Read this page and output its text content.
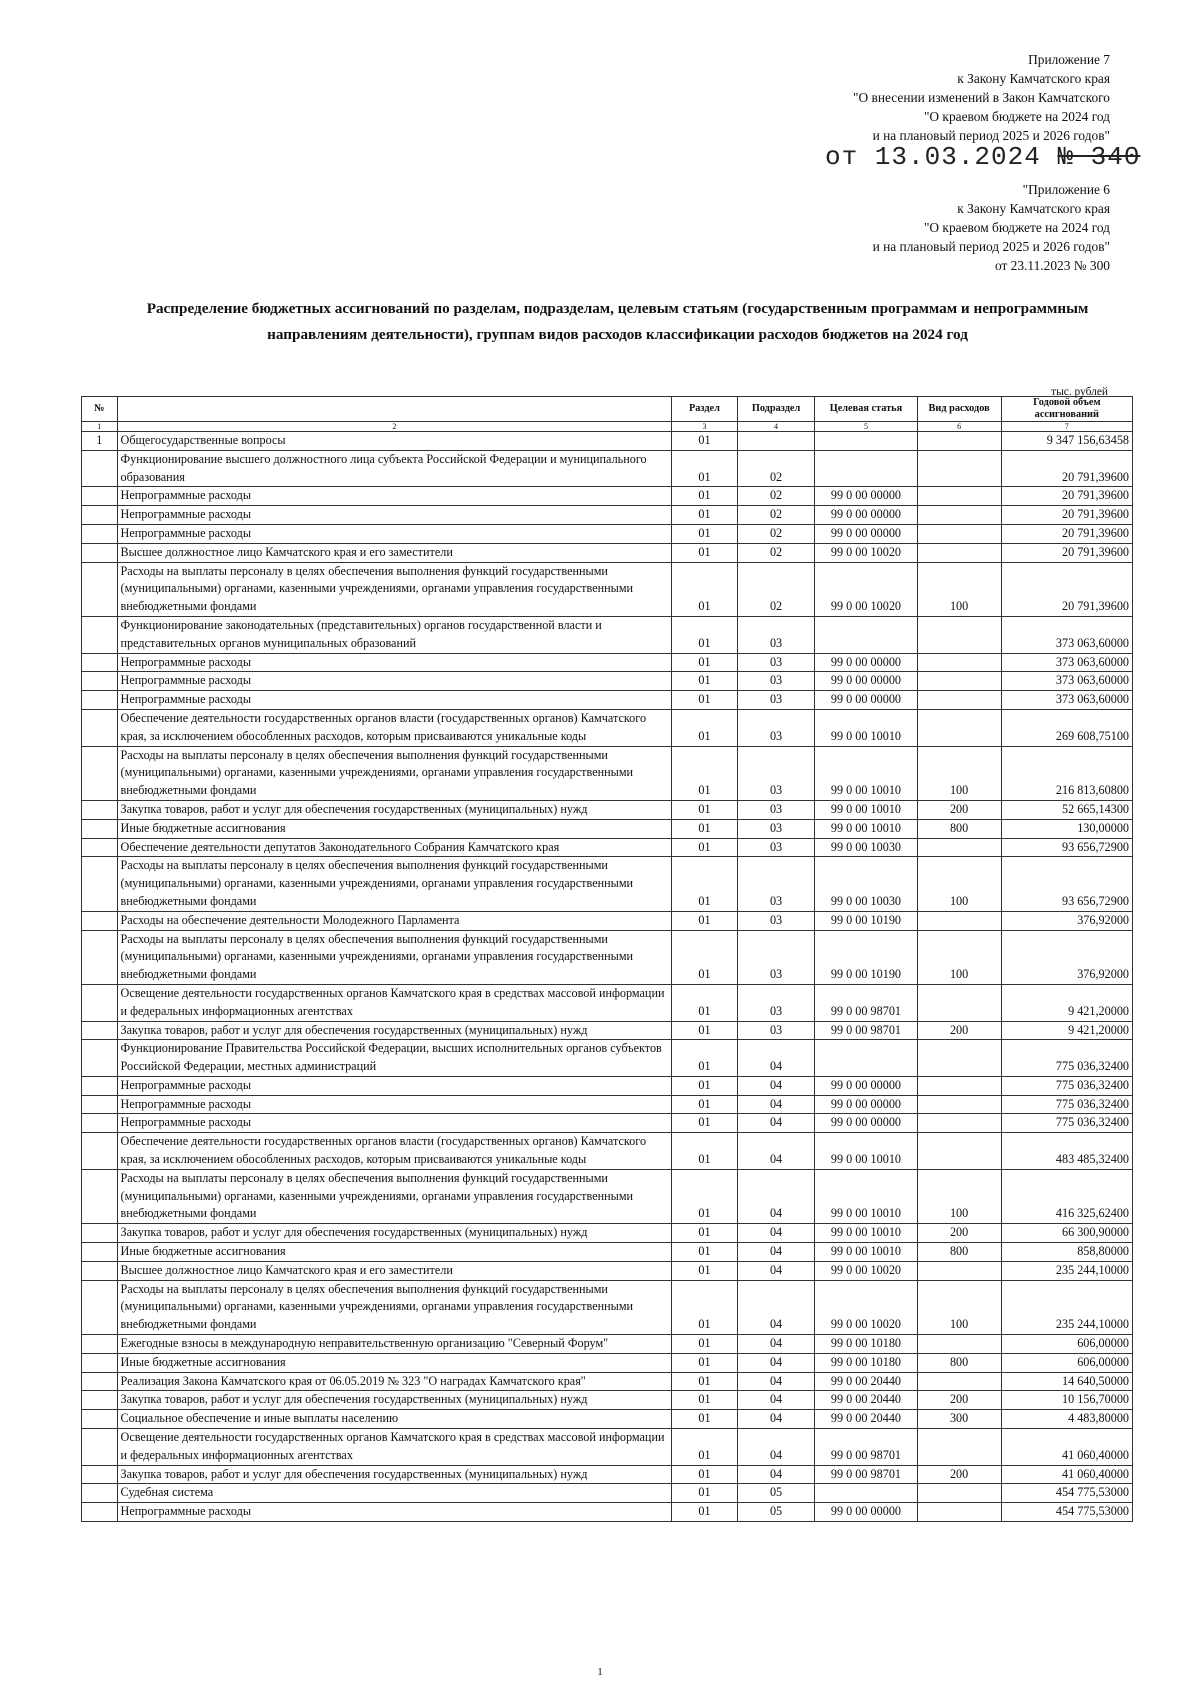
Приложение 7
к Закону Камчатского края
"О внесении изменений в Закон Камчатского
"О краевом бюджете на 2024 год
и на плановый период 2025 и 2026 годов"
от 13.03.2024 № 340
"Приложение 6
к Закону Камчатского края
"О краевом бюджете на 2024 год
и на плановый период 2025 и 2026 годов"
от 23.11.2023 № 300
Распределение бюджетных ассигнований по разделам, подразделам, целевым статьям (государственным программам и непрограммным направлениям деятельности), группам видов расходов классификации расходов бюджетов на 2024 год
тыс. рублей
№		Раздел	Подраздел	Целевая статья	Вид расходов	Годовой объем ассигнований
1	2	3	4	5	6	7
1	Общегосударственные вопросы	01				9 347 156,63458
	Функционирование высшего должностного лица субъекта Российской Федерации и муниципального образования	01	02			20 791,39600
	Непрограммные расходы	01	02	99 0 00 00000		20 791,39600
	Непрограммные расходы	01	02	99 0 00 00000		20 791,39600
	Непрограммные расходы	01	02	99 0 00 00000		20 791,39600
	Высшее должностное лицо Камчатского края и его заместители	01	02	99 0 00 10020		20 791,39600
	Расходы на выплаты персоналу в целях обеспечения выполнения функций государственными (муниципальными) органами, казенными учреждениями, органами управления государственными внебюджетными фондами	01	02	99 0 00 10020	100	20 791,39600
	Функционирование законодательных (представительных) органов государственной власти и представительных органов муниципальных образований	01	03			373 063,60000
	Непрограммные расходы	01	03	99 0 00 00000		373 063,60000
	Непрограммные расходы	01	03	99 0 00 00000		373 063,60000
	Непрограммные расходы	01	03	99 0 00 00000		373 063,60000
	Обеспечение деятельности государственных органов власти (государственных органов) Камчатского края, за исключением обособленных расходов, которым присваиваются уникальные коды	01	03	99 0 00 10010		269 608,75100
	Расходы на выплаты персоналу в целях обеспечения выполнения функций государственными (муниципальными) органами, казенными учреждениями, органами управления государственными внебюджетными фондами	01	03	99 0 00 10010	100	216 813,60800
	Закупка товаров, работ и услуг для обеспечения государственных (муниципальных) нужд	01	03	99 0 00 10010	200	52 665,14300
	Иные бюджетные ассигнования	01	03	99 0 00 10010	800	130,00000
	Обеспечение деятельности депутатов Законодательного Собрания Камчатского края	01	03	99 0 00 10030		93 656,72900
	Расходы на выплаты персоналу в целях обеспечения выполнения функций государственными (муниципальными) органами, казенными учреждениями, органами управления государственными внебюджетными фондами	01	03	99 0 00 10030	100	93 656,72900
	Расходы на обеспечение деятельности Молодежного Парламента	01	03	99 0 00 10190		376,92000
	Расходы на выплаты персоналу в целях обеспечения выполнения функций государственными (муниципальными) органами, казенными учреждениями, органами управления государственными внебюджетными фондами	01	03	99 0 00 10190	100	376,92000
	Освещение деятельности государственных органов Камчатского края в средствах массовой информации и федеральных информационных агентствах	01	03	99 0 00 98701		9 421,20000
	Закупка товаров, работ и услуг для обеспечения государственных (муниципальных) нужд	01	03	99 0 00 98701	200	9 421,20000
	Функционирование Правительства Российской Федерации, высших исполнительных органов субъектов Российской Федерации, местных администраций	01	04			775 036,32400
	Непрограммные расходы	01	04	99 0 00 00000		775 036,32400
	Непрограммные расходы	01	04	99 0 00 00000		775 036,32400
	Непрограммные расходы	01	04	99 0 00 00000		775 036,32400
	Обеспечение деятельности государственных органов власти (государственных органов) Камчатского края, за исключением обособленных расходов, которым присваиваются уникальные коды	01	04	99 0 00 10010		483 485,32400
	Расходы на выплаты персоналу в целях обеспечения выполнения функций государственными (муниципальными) органами, казенными учреждениями, органами управления государственными внебюджетными фондами	01	04	99 0 00 10010	100	416 325,62400
	Закупка товаров, работ и услуг для обеспечения государственных (муниципальных) нужд	01	04	99 0 00 10010	200	66 300,90000
	Иные бюджетные ассигнования	01	04	99 0 00 10010	800	858,80000
	Высшее должностное лицо Камчатского края и его заместители	01	04	99 0 00 10020		235 244,10000
	Расходы на выплаты персоналу в целях обеспечения выполнения функций государственными (муниципальными) органами, казенными учреждениями, органами управления государственными внебюджетными фондами	01	04	99 0 00 10020	100	235 244,10000
	Ежегодные взносы в международную неправительственную организацию "Северный Форум"	01	04	99 0 00 10180		606,00000
	Иные бюджетные ассигнования	01	04	99 0 00 10180	800	606,00000
	Реализация Закона Камчатского края от 06.05.2019 № 323 "О наградах Камчатского края"	01	04	99 0 00 20440		14 640,50000
	Закупка товаров, работ и услуг для обеспечения государственных (муниципальных) нужд	01	04	99 0 00 20440	200	10 156,70000
	Социальное обеспечение и иные выплаты населению	01	04	99 0 00 20440	300	4 483,80000
	Освещение деятельности государственных органов Камчатского края в средствах массовой информации и федеральных информационных агентствах	01	04	99 0 00 98701		41 060,40000
	Закупка товаров, работ и услуг для обеспечения государственных (муниципальных) нужд	01	04	99 0 00 98701	200	41 060,40000
	Судебная система	01	05			454 775,53000
	Непрограммные расходы	01	05	99 0 00 00000		454 775,53000
1
